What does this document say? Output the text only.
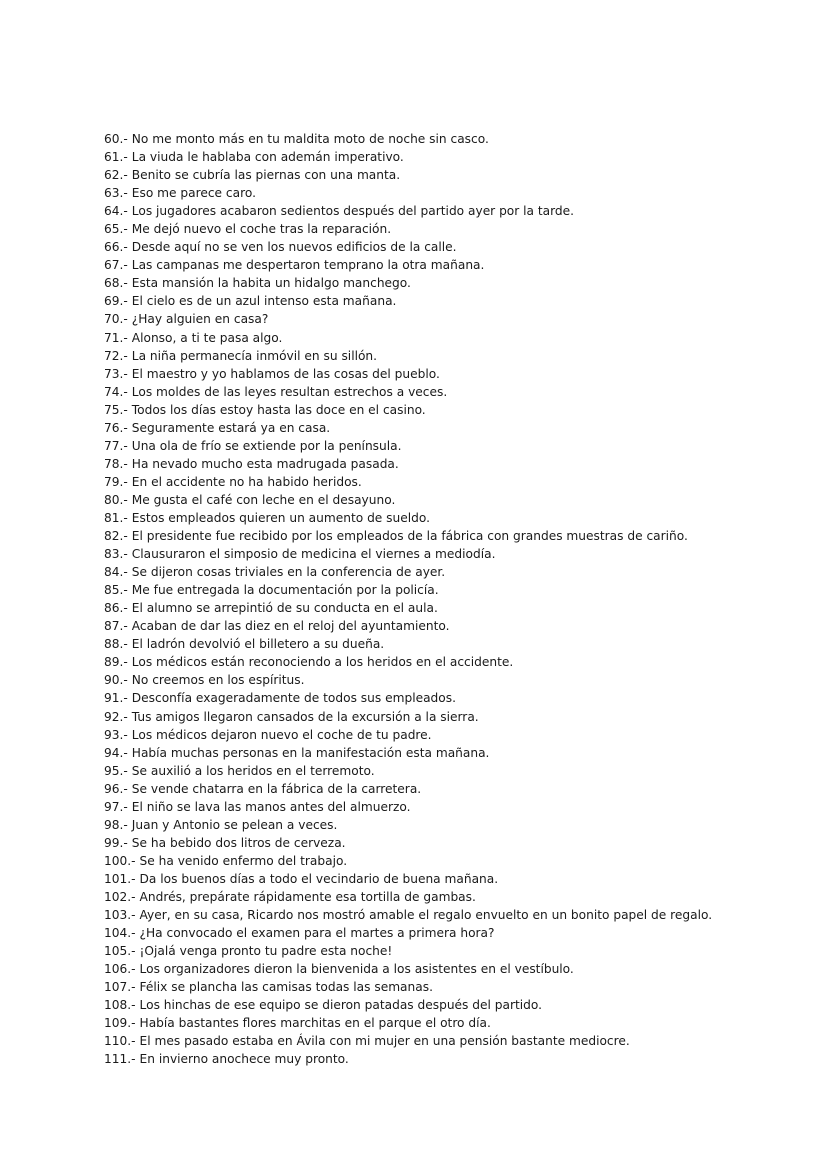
60.- No me monto más en tu maldita moto de noche sin casco.
61.- La viuda le hablaba con ademán imperativo.
62.- Benito se cubría las piernas con una manta.
63.- Eso me parece caro.
64.- Los jugadores acabaron sedientos después del partido ayer por la tarde.
65.- Me dejó nuevo el coche tras la reparación.
66.- Desde aquí no se ven los nuevos edificios de la calle.
67.- Las campanas me despertaron temprano la otra mañana.
68.- Esta mansión la habita un hidalgo manchego.
69.- El cielo es de un azul intenso esta mañana.
70.- ¿Hay alguien en casa?
71.- Alonso, a ti te pasa algo.
72.- La niña permanecía inmóvil en su sillón.
73.- El maestro y yo hablamos de las cosas del pueblo.
74.- Los moldes de las leyes resultan estrechos a veces.
75.- Todos los días estoy hasta las doce en el casino.
76.- Seguramente estará ya en casa.
77.- Una ola de frío se extiende por la península.
78.- Ha nevado mucho esta madrugada pasada.
79.- En el accidente no ha habido heridos.
80.- Me gusta el café con leche en el desayuno.
81.- Estos empleados quieren un aumento de sueldo.
82.- El presidente fue recibido por los empleados de la fábrica con grandes muestras de cariño.
83.- Clausuraron el simposio de medicina el viernes a mediodía.
84.- Se dijeron cosas triviales en la conferencia de ayer.
85.- Me fue entregada la documentación por la policía.
86.- El alumno se arrepintió de su conducta en el aula.
87.- Acaban de dar las diez en el reloj del ayuntamiento.
88.- El ladrón devolvió el billetero a su dueña.
89.- Los médicos están reconociendo a los heridos en el accidente.
90.- No creemos en los espíritus.
91.- Desconfía exageradamente de todos sus empleados.
92.- Tus amigos llegaron cansados de la excursión a la sierra.
93.- Los médicos dejaron nuevo el coche de tu padre.
94.- Había muchas personas en la manifestación esta mañana.
95.- Se auxilió a los heridos en el terremoto.
96.- Se vende chatarra en la fábrica de la carretera.
97.- El niño se lava las manos antes del almuerzo.
98.- Juan y Antonio se pelean a veces.
99.- Se ha bebido dos litros de cerveza.
100.- Se ha venido enfermo del trabajo.
101.- Da los buenos días a todo el vecindario de buena mañana.
102.- Andrés, prepárate rápidamente esa tortilla de gambas.
103.- Ayer, en su casa, Ricardo nos mostró amable el regalo envuelto en un bonito papel de regalo.
104.- ¿Ha convocado el examen para el martes a primera hora?
105.- ¡Ojalá venga pronto tu padre esta noche!
106.- Los organizadores dieron la bienvenida a los asistentes en el vestíbulo.
107.- Félix se plancha las camisas todas las semanas.
108.- Los hinchas de ese equipo se dieron patadas después del partido.
109.- Había bastantes flores marchitas en el parque el otro día.
110.- El mes pasado estaba en Ávila con mi mujer en una pensión bastante mediocre.
111.- En invierno anochece muy pronto.
